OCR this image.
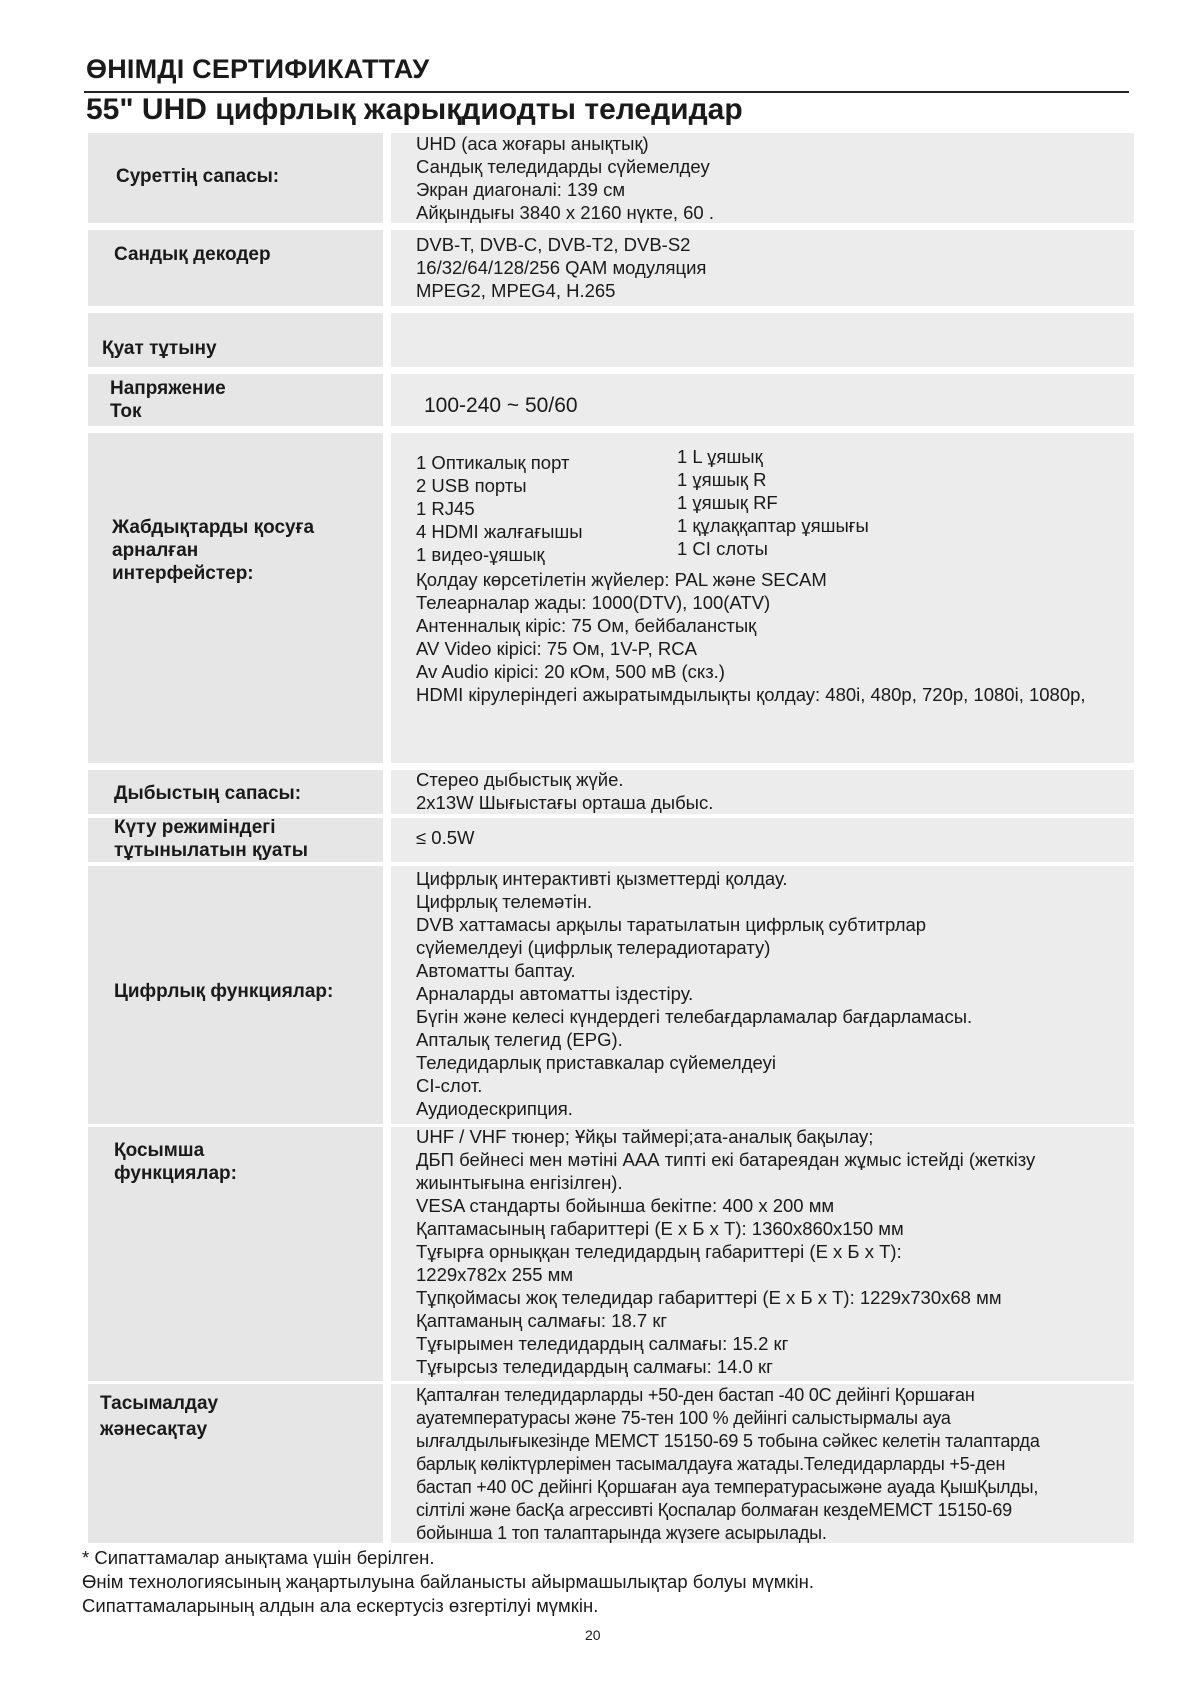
ӨНІМДІ СЕРТИФИКАТТАУ
55" UHD цифрлық жарықдиодты теледидар
Суреттің сапасы:
UHD (аса жоғары анықтық)
Сандық теледидарды сүйемелдеу
Экран диагоналі: 139 см
Айқындығы 3840 х 2160 нүкте, 60 .
Сандық декодер	DVB-T, DVB-C, DVB-T2, DVB-S2
16/32/64/128/256 QAM модуляция
MPEG2, MPEG4, H.265
Қуат тұтыну
Напряжение
Ток	100-240 ~ 50/60
Жабдықтарды қосуға
арналған
интерфейстер:
1 Оптикалық порт
2 USB порты
1 RJ45
4 HDMI жалғағышы
1 видео-ұяшық
1 L ұяшық
1 ұяшық R
1 ұяшық RF
1 құлаққаптар ұяшығы
1 CI слоты
Қолдау көрсетілетін жүйелер: PAL және SECAM
Телеарналар жады: 1000(DTV), 100(ATV)
Антенналық кіріс: 75 Ом, бейбаланстық
AV Video кірісі: 75 Ом, 1V-P, RCA
Av Audio кірісі: 20 кОм, 500 мВ (скз.)
HDMI кірулеріндегі ажыратымдылықты қолдау: 480i, 480p, 720p, 1080i, 1080p,
Дыбыстың сапасы:
Стерео дыбыстық жүйе.
2x13W Шығыстағы орташа дыбыс.
Күту режиміндегі
тұтынылатын қуаты
≤ 0.5W
Цифрлық функциялар:
Цифрлық интерактивті қызметтерді қолдау.
Цифрлық телемәтін.
DVB хаттамасы арқылы таратылатын цифрлық субтитрлар
сүйемелдеуі (цифрлық телерадиотарату)
Автоматты баптау.
Арналарды автоматты іздестіру.
Бүгін және келесі күндердегі телебағдарламалар бағдарламасы.
Апталық телегид (EPG).
Теледидарлық приставкалар сүйемелдеуі
CI-слот.
Аудиодескрипция.
Қосымша
функциялар:
UHF / VHF тюнер; Ұйқы таймері;ата-аналық бақылау;
ДБП бейнесі мен мәтіні ААА типті екі батареядан жұмыс істейді (жеткізу
жиынтығына енгізілген).
VESA стандарты бойынша бекітпе: 400 х 200 мм
Қаптамасының габариттері (Е х Б х Т): 1360x860x150 мм
Тұғырға орныққан теледидардың габариттері (Е х Б х Т):
1229x782x 255 мм
Тұпқоймасы жоқ теледидар габариттері (Е х Б х Т): 1229x730x68 мм
Қаптаманың салмағы: 18.7 кг
Тұғырымен теледидардың салмағы: 15.2 кг
Тұғырсыз теледидардың салмағы: 14.0 кг
Тасымалдау
жәнесақтау
Қапталған теледидарларды +50-ден бастап -40 0С дейінгі Қоршаған
ауатемпературасы және 75-тен 100 % дейінгі салыстырмалы ауа
ылғалдылығыкезінде МЕМСТ 15150-69 5 тобына сәйкес келетін талаптарда
барлық көліктүрлерімен тасымалдауға жатады.Теледидарларды +5-ден
бастап +40 0С дейінгі Қоршаған ауа температурасыжәне ауада ҚышҚылды,
сілтілі және басҚа агрессивті Қоспалар болмаған кездеМЕМСТ 15150-69
бойынша 1 топ талаптарында жүзеге асырылады.
* Сипаттамалар анықтама үшін берілген.
Өнім технологиясының жаңартылуына байланысты айырмашылықтар болуы мүмкін.
Сипаттамаларының алдын ала ескертусіз өзгертілуі мүмкін.
20
